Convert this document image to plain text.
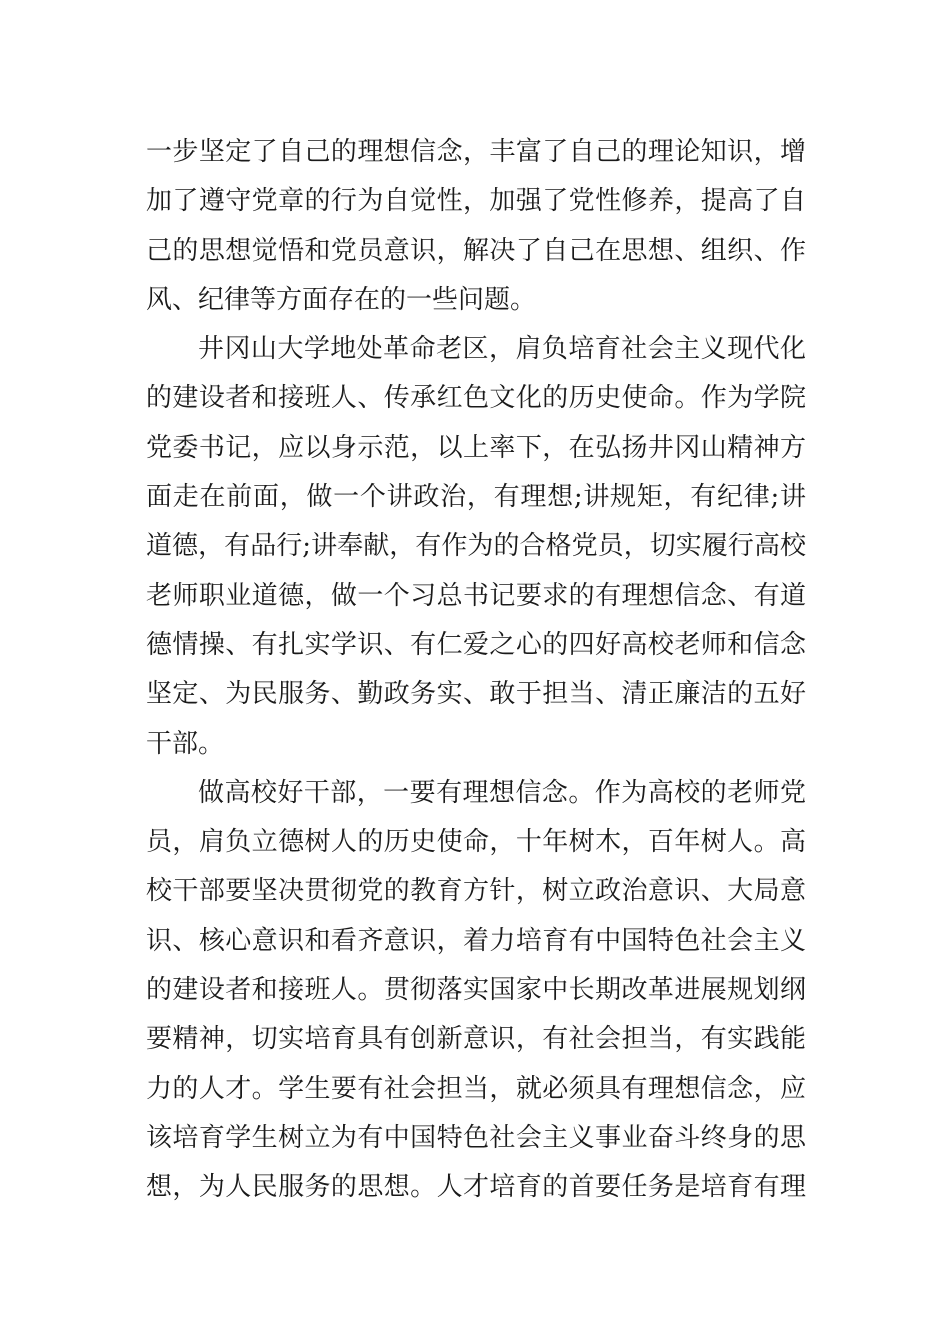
一步坚定了自己的理想信念，丰富了自己的理论知识，增
加了遵守党章的行为自觉性，加强了党性修养，提高了自
己的思想觉悟和党员意识，解决了自己在思想、组织、作
风、纪律等方面存在的一些问题。
井冈山大学地处革命老区，肩负培育社会主义现代化
的建设者和接班人、传承红色文化的历史使命。作为学院
党委书记，应以身示范，以上率下，在弘扬井冈山精神方
面走在前面，做一个讲政治，有理想;讲规矩，有纪律;讲
道德，有品行;讲奉献，有作为的合格党员，切实履行高校
老师职业道德，做一个习总书记要求的有理想信念、有道
德情操、有扎实学识、有仁爱之心的四好高校老师和信念
坚定、为民服务、勤政务实、敢于担当、清正廉洁的五好
干部。
做高校好干部，一要有理想信念。作为高校的老师党
员，肩负立德树人的历史使命，十年树木，百年树人。高
校干部要坚决贯彻党的教育方针，树立政治意识、大局意
识、核心意识和看齐意识，着力培育有中国特色社会主义
的建设者和接班人。贯彻落实国家中长期改革进展规划纲
要精神，切实培育具有创新意识，有社会担当，有实践能
力的人才。学生要有社会担当，就必须具有理想信念，应
该培育学生树立为有中国特色社会主义事业奋斗终身的思
想，为人民服务的思想。人才培育的首要任务是培育有理
